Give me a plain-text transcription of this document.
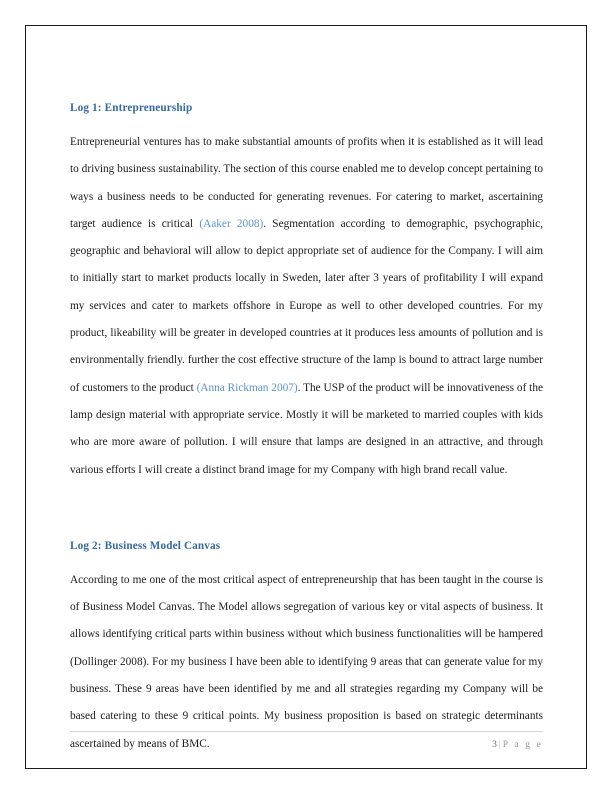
Log 1: Entrepreneurship

Entrepreneurial ventures has to make substantial amounts of profits when it is established as it will lead to driving business sustainability. The section of this course enabled me to develop concept pertaining to ways a business needs to be conducted for generating revenues. For catering to market, ascertaining target audience is critical (Aaker 2008). Segmentation according to demographic, psychographic, geographic and behavioral will allow to depict appropriate set of audience for the Company. I will aim to initially start to market products locally in Sweden, later after 3 years of profitability I will expand my services and cater to markets offshore in Europe as well to other developed countries. For my product, likeability will be greater in developed countries at it produces less amounts of pollution and is environmentally friendly. further the cost effective structure of the lamp is bound to attract large number of customers to the product (Anna Rickman 2007). The USP of the product will be innovativeness of the lamp design material with appropriate service. Mostly it will be marketed to married couples with kids who are more aware of pollution. I will ensure that lamps are designed in an attractive, and through various efforts I will create a distinct brand image for my Company with high brand recall value.

Log 2: Business Model Canvas

According to me one of the most critical aspect of entrepreneurship that has been taught in the course is of Business Model Canvas. The Model allows segregation of various key or vital aspects of business. It allows identifying critical parts within business without which business functionalities will be hampered (Dollinger 2008). For my business I have been able to identifying 9 areas that can generate value for my business. These 9 areas have been identified by me and all strategies regarding my Company will be based catering to these 9 critical points. My business proposition is based on strategic determinants ascertained by means of BMC.	3 | P a g e
